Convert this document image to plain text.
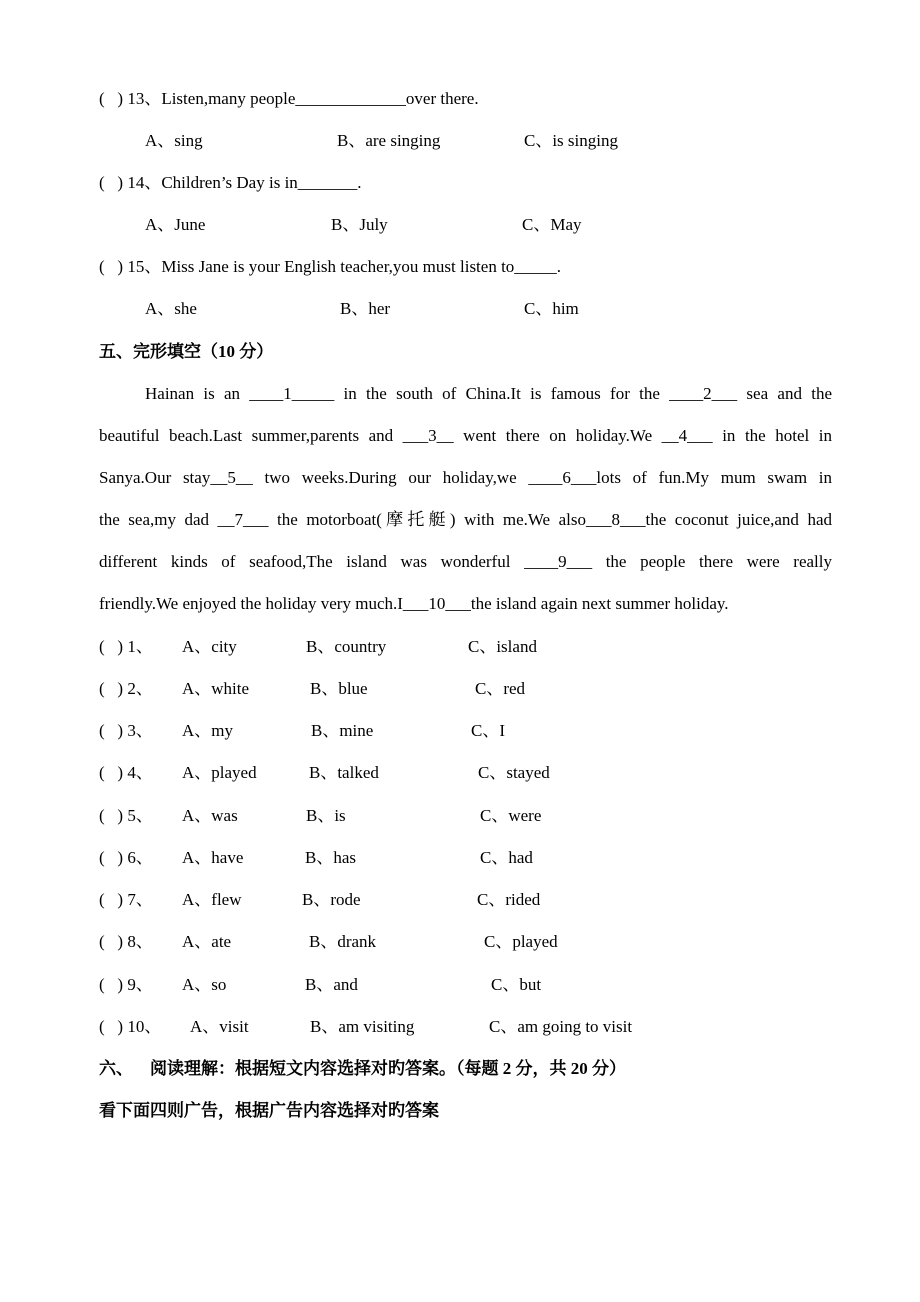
(   ) 13、Listen,many people_____________over there.
A、sing	B、are singing	C、is singing
(   ) 14、Children’s Day is in_______.
A、June	B、July	C、May
(   ) 15、Miss Jane is your English teacher,you must listen to_____.
A、she	B、her	C、him
五、完形填空（10 分）
Hainan is an ____1_____ in the south of China.It is famous for the ____2___ sea and the
beautiful beach.Last summer,parents and ___3__ went there on holiday.We __4___ in the hotel in
Sanya.Our stay__5__ two weeks.During our holiday,we ____6___lots of fun.My mum swam in
the sea,my dad __7___ the motorboat(摩托艇) with me.We also___8___the coconut juice,and had
different kinds of seafood,The island was wonderful ____9___ the people there were really
friendly.We enjoyed the holiday very much.I___10___the island again next summer holiday.
(   ) 1、 A、city	B、country	C、island
(   ) 2、 A、white	B、blue	C、red
(   ) 3、 A、my	B、mine	C、I
(   ) 4、 A、played	B、talked	C、stayed
(   ) 5、 A、was	B、is	C、were
(   ) 6、 A、have	B、has	C、had
(   ) 7、 A、flew	B、rode	C、rided
(   ) 8、 A、ate	B、drank	C、played
(   ) 9、 A、so	B、and	C、but
(   ) 10、 A、visit	B、am visiting	C、am going to visit
六、    阅读理解：根据短文内容选择对旳答案。（每题 2 分，共 20 分）
看下面四则广告，根据广告内容选择对旳答案
